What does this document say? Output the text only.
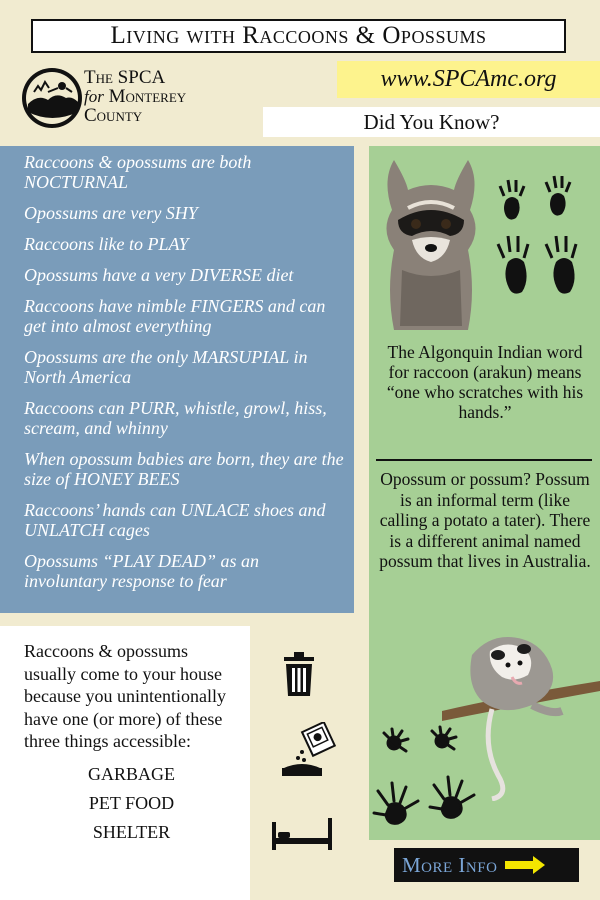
Living with Raccoons & Opossums
The SPCA
for Monterey
County
www.SPCAmc.org
Did You Know?
Raccoons & opossums are both NOCTURNAL
Opossums are very SHY
Raccoons like to PLAY
Opossums have a very DIVERSE diet
Raccoons have nimble FINGERS and can get into almost everything
Opossums are the only MARSUPIAL in North America
Raccoons can PURR, whistle, growl, hiss, scream, and whinny
When opossum babies are born, they are the size of HONEY BEES
Raccoons’ hands can UNLACE shoes and UNLATCH cages
Opossums “PLAY DEAD” as an involuntary response to fear
The Algonquin Indian word for raccoon (arakun) means “one who scratches with his hands.”
Opossum or possum? Possum is an informal term (like calling a potato a tater). There is a different animal named possum that lives in Australia.
Raccoons & opossums usually come to your house because you unintentionally have one (or more) of these three things accessible:
GARBAGE
PET FOOD
SHELTER
More Info
